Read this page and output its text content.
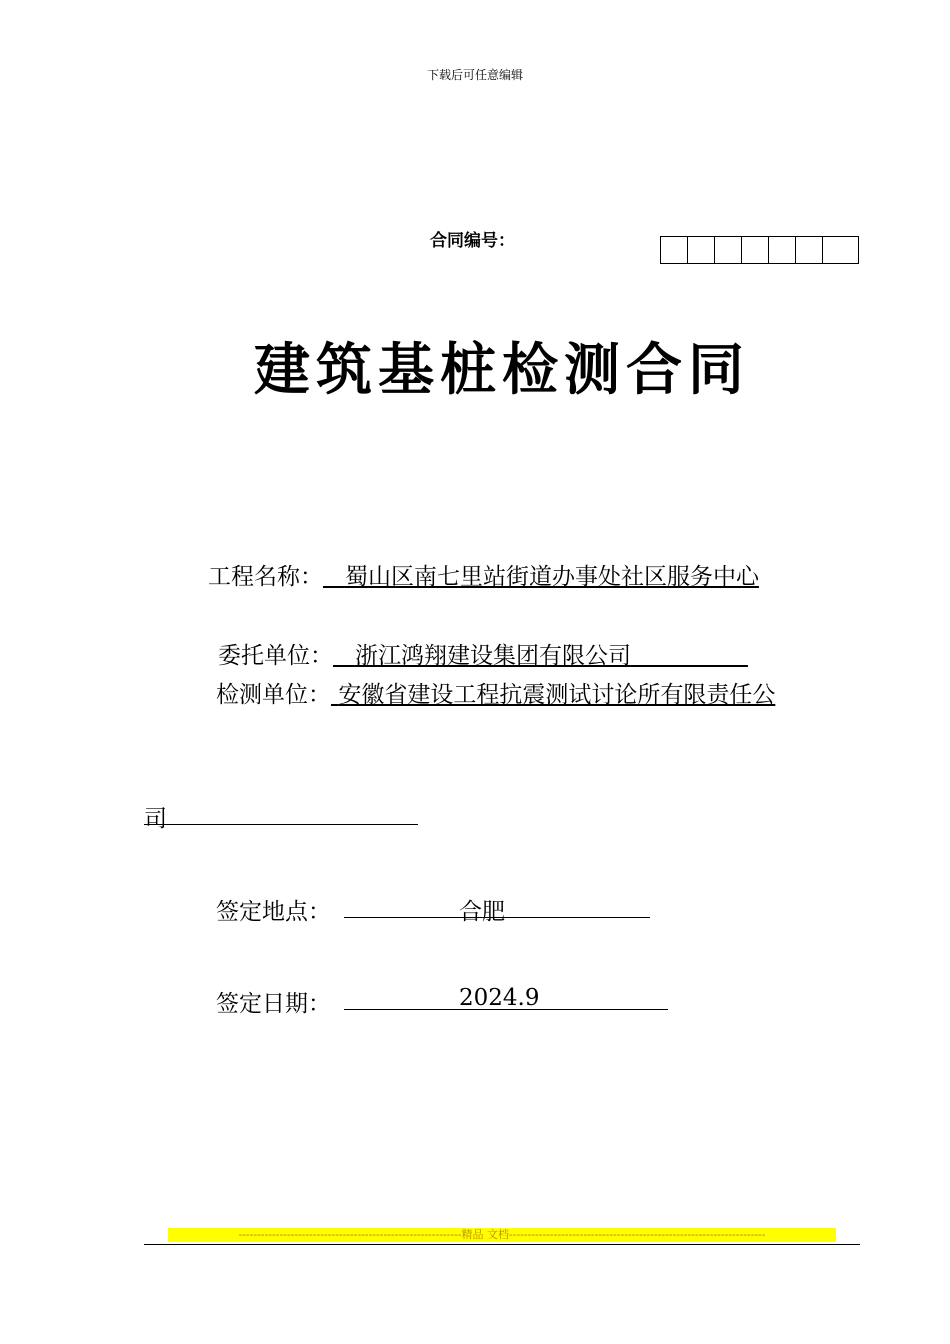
下载后可任意编辑
合同编号：
建筑基桩检测合同
工程名称： 蜀山区南七里站街道办事处社区服务中心
委托单位： 浙江鸿翔建设集团有限公司
检测单位： 安徽省建设工程抗震测试讨论所有限责任公
司
签定地点：	合肥
签定日期：	2024.9
------------------------------------------------------------精品 文档---------------------------------------------------------------------
